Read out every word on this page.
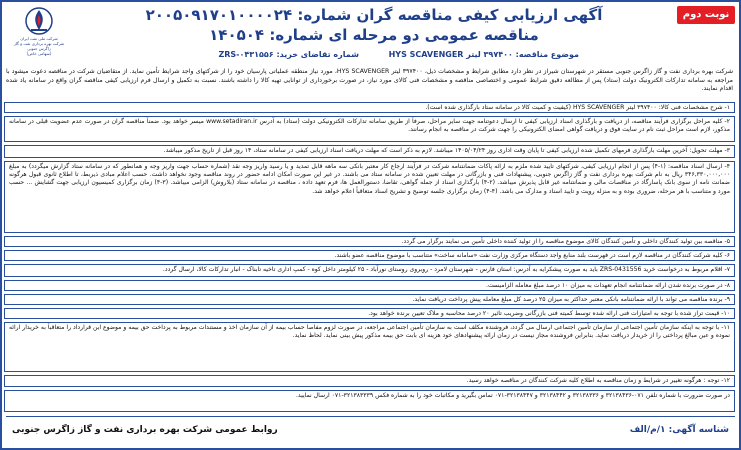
نوبت دوم
آگهی ارزیابی کیفی مناقصه گران شماره: ۲۰۰۵۰۹۱۷۰۱۰۰۰۰۲۴
مناقصه عمومی دو مرحله ای شماره: ۱۴۰۵۰۴
موضوع مناقصه: ۳۹۷۴۰۰ لیتر HYS SCAVENGER
شماره تقاضای خرید: ZRS-۰۴۳۱۵۵۶
شرکت ملی نفت ایران
شرکت بهره برداری نفت و گاز زاگرس جنوبی
(سهامی خاص)
شرکت بهره برداری نفت و گاز زاگرس جنوبی مستقر در شهرستان شیراز در نظر دارد مطابق شرایط و مشخصات ذیل، ۳۹۷۴۰۰ لیتر HYS SCAVENGER، مورد نیاز منطقه عملیاتی پارسیان خود را از شرکتهای واجد شرایط تأمین نماید. از متقاضیان شرکت در مناقصه دعوت میشود با مراجعه به سامانه تدارکات الکترونیک دولت (ستاد) پس از مطالعه دقیق شرایط عمومی و اختصاصی مناقصه و مشخصات فنی کالای مورد نیاز، در صورت برخورداری از توانایی تهیه کالا را داشته باشند. نسبت به تکمیل و ارسال فرم ارزیابی کیفی مناقصه گران واقع در سامانه یاد شده اقدام نمایند.

۱- شرح مشخصات فنی کالا: ۳۹۷۴۰۰ لیتر HYS SCAVENGER (کیفیت و کمیت کالا در سامانه ستاد بارگذاری شده است).

۲- کلیه مراحل برگزاری فرآیند مناقصه، از دریافت و بارگذاری اسناد ارزیابی کیفی تا ارسال دعوتنامه جهت سایر مراحل، صرفاً از طریق سامانه تدارکات الکترونیکی دولت (ستاد) به آدرس www.setadiran.ir میسر خواهد بود. ضمناً مناقصه گران در صورت عدم عضویت قبلی در سامانه مذکور، لازم است مراحل ثبت نام در سایت فوق و دریافت گواهی امضای الکترونیکی را جهت شرکت در مناقصه به انجام رسانند.

۳- مهلت تحویل: آخرین مهلت بارگذاری فرمهای تکمیل شده ارزیابی کیفی تا پایان وقت اداری روز ۱۴۰۵/۰۴/۲۴ میباشد. لازم به ذکر است که مهلت دریافت اسناد ارزیابی کیفی در سامانه ستاد، ۱۴ روز قبل از تاریخ مذکور میباشد.

۴- ارسال اسناد مناقصه: (۱-۴) پس از انجام ارزیابی کیفی، شرکتهای تایید شده ملزم به ارائه پاکات ضمانتنامه شرکت در فرآیند ارجاع کار معتبر بانکی سه ماهه قابل تمدید و یا رسید واریز وجه نقد (شماره حساب جهت واریز وجه و همانطور که در سامانه ستاد گزارش میگردد) به مبلغ ۳۴۶,۳۳۰,۰۰۰,۰۰۰ ریال به نام شرکت بهره برداری نفت و گاز زاگرس جنوبی، پیشنهادات فنی و بازرگانی در مهلت تعیین شده در سامانه ستاد می باشند. در غیر این صورت امکان ادامه حضور در روند مناقصه وجود نخواهد داشت. حسب اعلام مبادی ذیربط، تا اطلاع ثانوی قبول هرگونه ضمانت نامه از سوی بانک پاسارگاد در مناقصات مالی و ضمانتنامه غیر قابل پذیرش میباشد. (۲-۴) بارگذاری اسناد از جمله گواهی، تقاضا، دستورالعمل ها، فرم تعهد داده ، مناقصه در سامانه ستاد (بلاروش) الزامی میباشد. (۳-۴) زمان برگزاری کمیسیون ارزیابی جهت گشایش ... حسب مورد و متناسب با هر مرحله، ضروری بوده و به منزله رویت و تایید اسناد و مدارک می باشد. (۴-۴) زمان برگزاری جلسه توضیح و تشریح اسناد متعاقباً اعلام خواهد شد.

۵- مناقصه بین تولید کنندگان داخلی و تأمین کنندگان کالای موضوع مناقصه را از تولید کننده داخلی تأمین می نمایند برگزار می گردد.

۶- کلیه شرکت کنندگان در مناقصه لازم است در فهرست بلند منابع واجد دستگاه مرکزی وزارت نفت «سامانه ساخت» متناسب با موضوع مناقصه عضو باشند.

۷- اقلام مربوط به درخواست خرید ZRS-0431556 باید به صورت پیشکرایه به آدرس: استان فارس - شهرستان لامرد - روبروی روستای نورآباد - ۲۵ کیلومتر داخل کوه - کمپ اداری تاخیه تابناک - انبار تدارکات کالا، ارسال گردد.

۸- در صورت برنده شدن ارائه ضمانتنامه انجام تعهدات به میزان ۱۰ درصد مبلغ معامله الزامیست.

۹- برنده مناقصه می تواند با ارائه ضمانتنامه بانکی معتبر حداکثر به میزان ۲۵ درصد کل مبلغ معامله پیش پرداخت دریافت نماید.

۱۰- قیمت تراز شده با توجه به امتیازات فنی ارائه شده توسط کمیته فنی بازرگانی وضریب تاثیر ۲۰ درصد محاسبه و ملاک تعیین برنده خواهد بود.

۱۱- با توجه به اینکه سازمان تأمین اجتماعی از سازمان تأمین اجتماعی ارسال می گردد، فروشنده مکلف است به سازمان تأمین اجتماعی مراجعه، در صورت لزوم مفاصا حساب بیمه از آن سازمان اخذ و مستندات مربوط به پرداخت حق بیمه و موضوع این قرارداد را متعاقباً به خریدار ارائه نموده و عین مبالغ پرداختی را از خریدار دریافت نماید. بنابراین فروشنده مجاز نیست در زمان ارائه پیشنهادهای خود هزینه ای بابت حق بیمه مذکور پیش بینی نماید. لحاظ نماید.

۱۲- توجه : هرگونه تغییر در شرایط و زمان مناقصه به اطلاع کلیه شرکت کنندگان در مناقصه خواهد رسید.

در صورت ضرورت با شماره تلفن ۰۷۱-۳۲۱۳۸۴۳۶ و ۳۲۱۳۸۳۳۶ و ۳۲۱۳۸۴۴۲ و ۳۲۱۳۸۴۴۷-۰۷۱ تماس بگیرید و مکاتبات خود را به شماره فکس ۳۲۱۳۸۳۳۳۹-۰۷۱ ارسال نمایید.

شناسه آگهی: ۱/م/الف
روابط عمومی شرکت بهره برداری نفت و گاز زاگرس جنوبی
